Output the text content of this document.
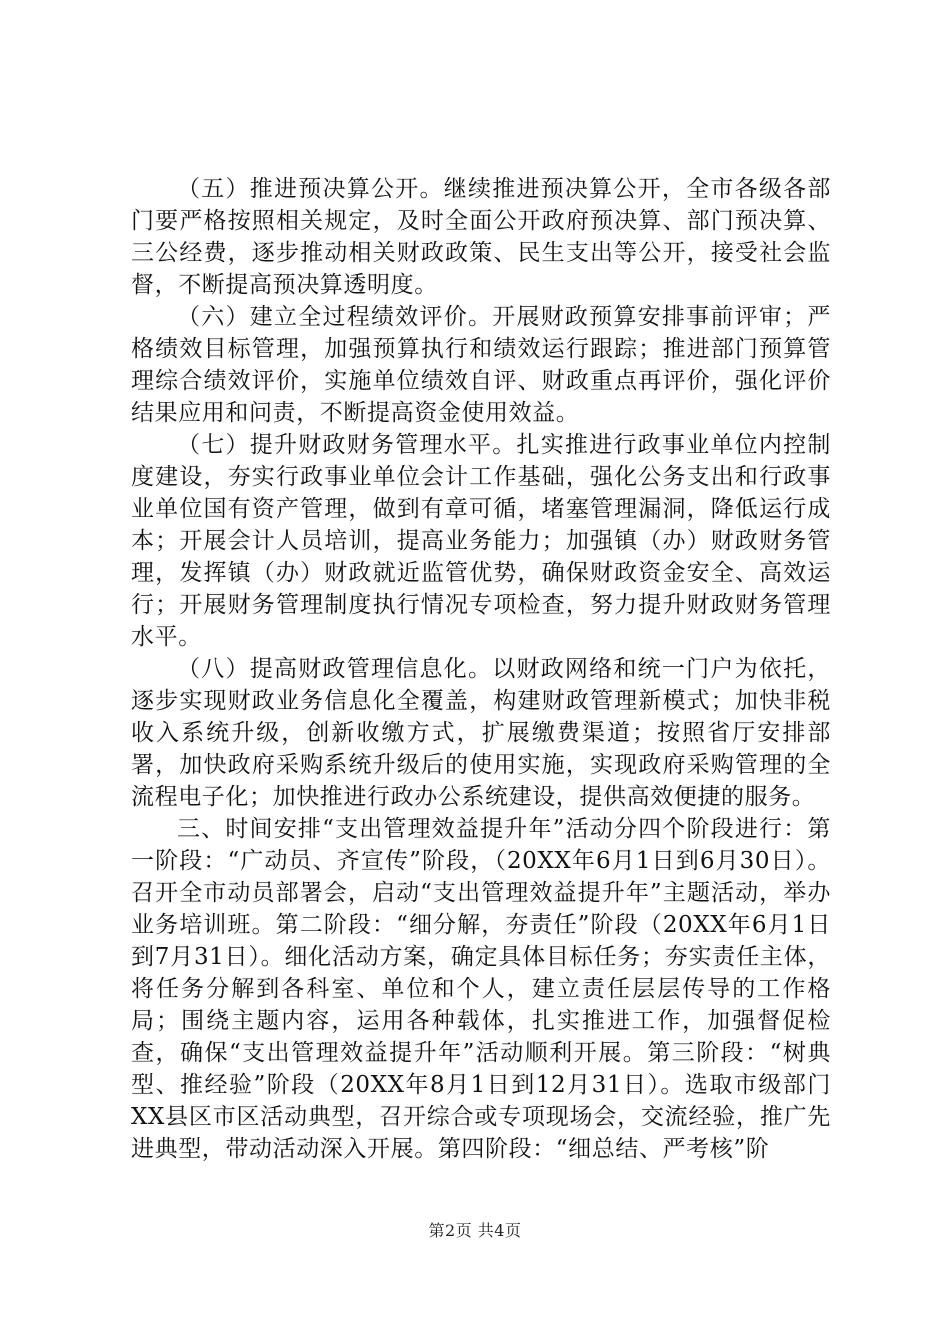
（五）推进预决算公开。继续推进预决算公开，全市各级各部门要严格按照相关规定，及时全面公开政府预决算、部门预决算、三公经费，逐步推动相关财政政策、民生支出等公开，接受社会监督，不断提高预决算透明度。

（六）建立全过程绩效评价。开展财政预算安排事前评审；严格绩效目标管理，加强预算执行和绩效运行跟踪；推进部门预算管理综合绩效评价，实施单位绩效自评、财政重点再评价，强化评价结果应用和问责，不断提高资金使用效益。

（七）提升财政财务管理水平。扎实推进行政事业单位内控制度建设，夯实行政事业单位会计工作基础，强化公务支出和行政事业单位国有资产管理，做到有章可循，堵塞管理漏洞，降低运行成本；开展会计人员培训，提高业务能力；加强镇（办）财政财务管理，发挥镇（办）财政就近监管优势，确保财政资金安全、高效运行；开展财务管理制度执行情况专项检查，努力提升财政财务管理水平。

（八）提高财政管理信息化。以财政网络和统一门户为依托，逐步实现财政业务信息化全覆盖，构建财政管理新模式；加快非税收入系统升级，创新收缴方式，扩展缴费渠道；按照省厅安排部署，加快政府采购系统升级后的使用实施，实现政府采购管理的全流程电子化；加快推进行政办公系统建设，提供高效便捷的服务。

三、时间安排“支出管理效益提升年”活动分四个阶段进行：第一阶段：“广动员、齐宣传”阶段，（20XX年6月1日到6月30日）。召开全市动员部署会，启动“支出管理效益提升年”主题活动，举办业务培训班。第二阶段：“细分解，夯责任”阶段（20XX年6月1日到7月31日）。细化活动方案，确定具体目标任务；夯实责任主体，将任务分解到各科室、单位和个人，建立责任层层传导的工作格局；围绕主题内容，运用各种载体，扎实推进工作，加强督促检查，确保“支出管理效益提升年”活动顺利开展。第三阶段：“树典型、推经验”阶段（20XX年8月1日到12月31日）。选取市级部门XX县区市区活动典型，召开综合或专项现场会，交流经验，推广先进典型，带动活动深入开展。第四阶段：“细总结、严考核”阶

第2页 共4页
